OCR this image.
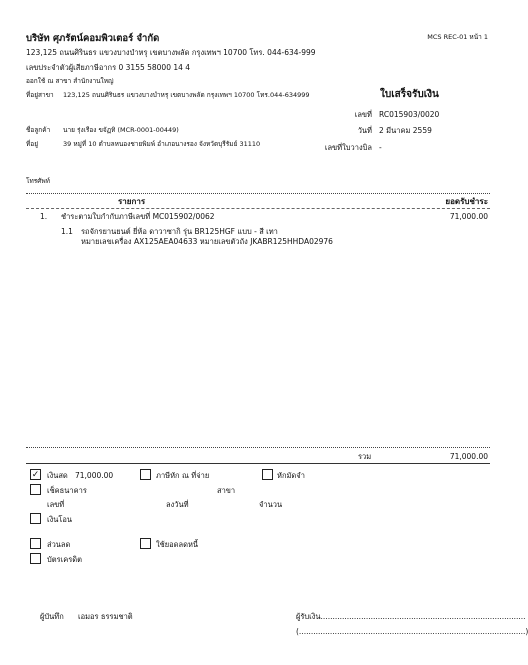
บริษัท ศุภรัตน์คอมพิวเตอร์ จำกัด	MCS REC-01 หน้า 1
123,125 ถนนศิรินธร แขวงบางบำหรุ เขตบางพลัด กรุงเทพฯ 10700 โทร. 044-634-999
เลขประจำตัวผู้เสียภาษีอากร 0 3155 58000 14 4
ออกใช้ ณ สาขา สำนักงานใหญ่
ที่อยู่สาขา 123,125 ถนนศิรินธร แขวงบางบำหรุ เขตบางพลัด กรุงเทพฯ 10700 โทร.044-634999	ใบเสร็จรับเงิน
เลขที่ RC015903/0020
วันที่ 2 มีนาคม 2559
เลขที่ใบวางบิล -
ชื่อลูกค้า นาย รุ่งเรือง ขจัฏทิ (MCR-0001-00449)
ที่อยู่	39 หมู่ที่ 10 ตำบลหนองชายพิมพ์ อำเภอนางรอง จังหวัดบุรีรัมย์ 31110
โทรศัพท์
รายการ	ยอดรับชำระ
1. ชำระตามใบกำกับภาษีเลขที่ MC015902/0062	71,000.00
1.1 รถจักรยานยนต์ ยี่ห้อ ดาวาซากิ รุ่น BR125HGF แบบ - สี เทา
หมายเลขเครื่อง AX125AEA04633 หมายเลขตัวถัง JKABR125HHDA02976
รวม	71,000.00
✓ เงินสด 71,000.00	ภาษีหัก ณ ที่จ่าย	หักมัดจำ
เช็คธนาคาร	สาขา
เลขที่	ลงวันที่	จำนวน
เงินโอน
ส่วนลด	ใช้ยอดลดหนี้
บัตรเครดิต
ผู้บันทึก เอมอร ธรรมชาติ	ผู้รับเงิน......................................................................................
(...............................................................................................)
